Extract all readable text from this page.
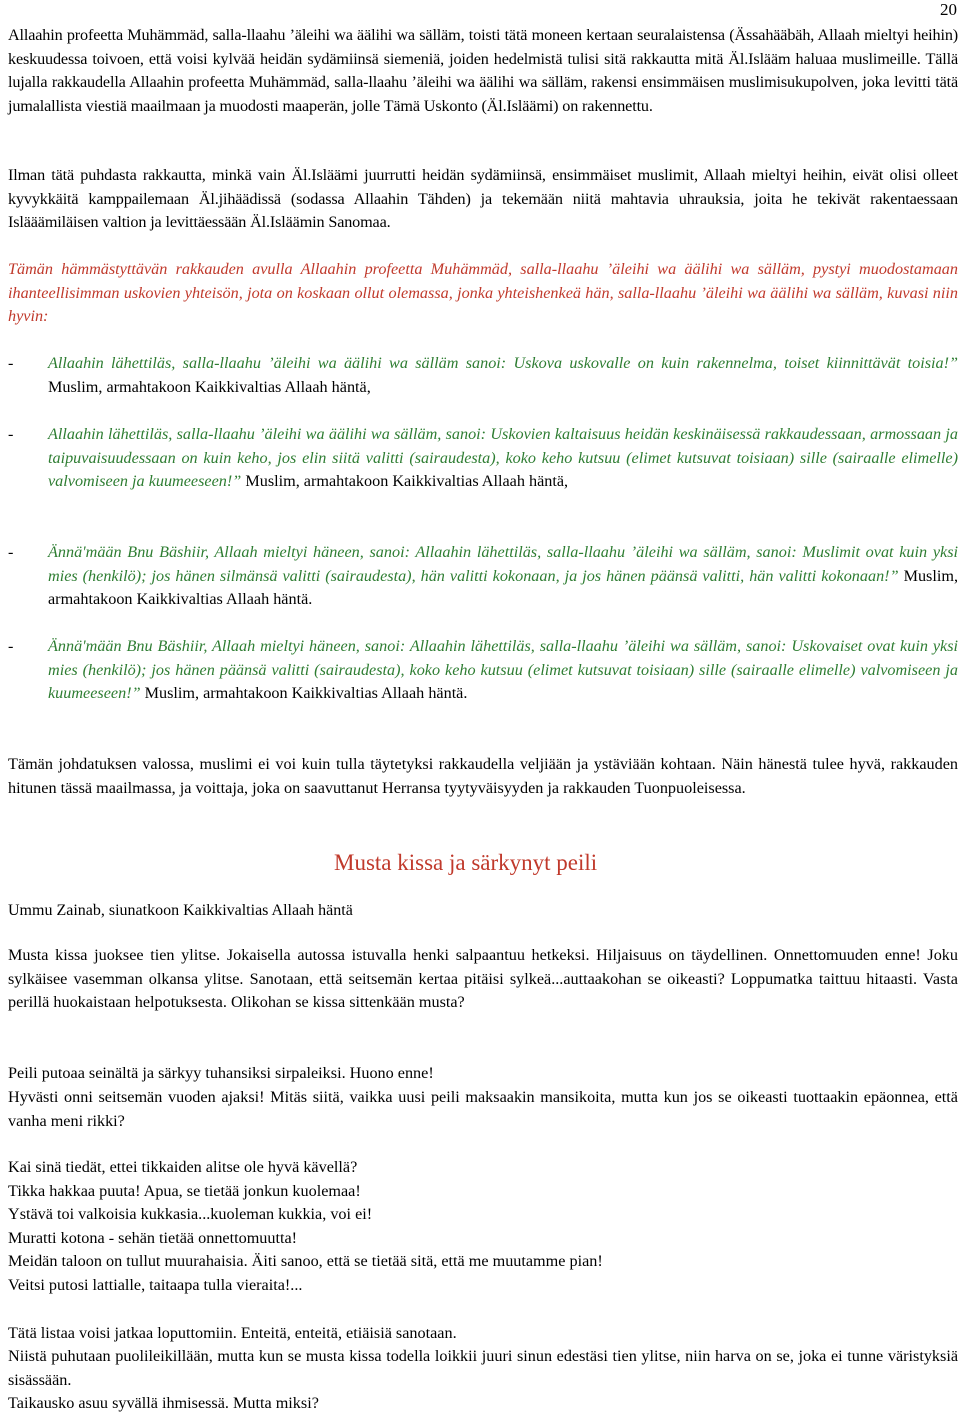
20

Allaahin profeetta Muhämmäd, salla-llaahu ’äleihi wa äälihi wa sälläm, toisti tätä moneen kertaan seuralaistensa (Ässahääbäh, Allaah mieltyi heihin) keskuudessa toivoen, että voisi kylvää heidän sydämiinsä siemeniä, joiden hedelmistä tulisi sitä rakkautta mitä Äl.Islääm haluaa muslimeille. Tällä lujalla rakkaudella Allaahin profeetta Muhämmäd, salla-llaahu ’äleihi wa äälihi wa sälläm, rakensi ensimmäisen muslimisukupolven, joka levitti tätä jumalallista viestiä maailmaan ja muodosti maaperän, jolle Tämä Uskonto (Äl.Isläämi) on rakennettu.

Ilman tätä puhdasta rakkautta, minkä vain Äl.Isläämi juurrutti heidän sydämiinsä, ensimmäiset muslimit, Allaah mieltyi heihin, eivät olisi olleet kyvykkäitä kamppailemaan Äl.jihäädissä (sodassa Allaahin Tähden) ja tekemään niitä mahtavia uhrauksia, joita he tekivät rakentaessaan Islääämiläisen valtion ja levittäessään Äl.Isläämin Sanomaa.

Tämän hämmästyttävän rakkauden avulla Allaahin profeetta Muhämmäd, salla-llaahu ’äleihi wa äälihi wa sälläm, pystyi muodostamaan ihanteellisimman uskovien yhteisön, jota on koskaan ollut olemassa, jonka yhteishenkeä hän, salla-llaahu ’äleihi wa äälihi wa sälläm, kuvasi niin hyvin:

- Allaahin lähettiläs, salla-llaahu ’äleihi wa äälihi wa sälläm sanoi: Uskova uskovalle on kuin rakennelma, toiset kiinnittävät toisia!” Muslim, armahtakoon Kaikkivaltias Allaah häntä,
- Allaahin lähettiläs, salla-llaahu ’äleihi wa äälihi wa sälläm, sanoi: Uskovien kaltaisuus heidän keskinäisessä rakkaudessaan, armossaan ja taipuvaisuudessaan on kuin keho, jos elin siitä valitti (sairaudesta), koko keho kutsuu (elimet kutsuvat toisiaan) sille (sairaalle elimelle) valvomiseen ja kuumeeseen!” Muslim, armahtakoon Kaikkivaltias Allaah häntä,
- Ännä'mään Bnu Bäshiir, Allaah mieltyi häneen, sanoi: Allaahin lähettiläs, salla-llaahu ’äleihi wa sälläm, sanoi: Muslimit ovat kuin yksi mies (henkilö); jos hänen silmänsä valitti (sairaudesta), hän valitti kokonaan, ja jos hänen päänsä valitti, hän valitti kokonaan!” Muslim, armahtakoon Kaikkivaltias Allaah häntä.
- Ännä'mään Bnu Bäshiir, Allaah mieltyi häneen, sanoi: Allaahin lähettiläs, salla-llaahu ’äleihi wa sälläm, sanoi: Uskovaiset ovat kuin yksi mies (henkilö); jos hänen päänsä valitti (sairaudesta), koko keho kutsuu (elimet kutsuvat toisiaan) sille (sairaalle elimelle) valvomiseen ja kuumeeseen!” Muslim, armahtakoon Kaikkivaltias Allaah häntä.

Tämän johdatuksen valossa, muslimi ei voi kuin tulla täytetyksi rakkaudella veljiään ja ystäviään kohtaan. Näin hänestä tulee hyvä, rakkauden hitunen tässä maailmassa, ja voittaja, joka on saavuttanut Herransa tyytyväisyyden ja rakkauden Tuonpuoleisessa.

Musta kissa ja särkynyt peili
Ummu Zainab, siunatkoon Kaikkivaltias Allaah häntä

Musta kissa juoksee tien ylitse. Jokaisella autossa istuvalla henki salpaantuu hetkeksi. Hiljaisuus on täydellinen. Onnettomuuden enne! Joku sylkäisee vasemman olkansa ylitse. Sanotaan, että seitsemän kertaa pitäisi sylkeä...auttaakohan se oikeasti? Loppumatka taittuu hitaasti. Vasta perillä huokaistaan helpotuksesta. Olikohan se kissa sittenkään musta?

Peili putoaa seinältä ja särkyy tuhansiksi sirpaleiksi. Huono enne!

Hyvästi onni seitsemän vuoden ajaksi! Mitäs siitä, vaikka uusi peili maksaakin mansikoita, mutta kun jos se oikeasti tuottaakin epäonnea, että vanha meni rikki?

Kai sinä tiedät, ettei tikkaiden alitse ole hyvä kävellä?
Tikka hakkaa puuta! Apua, se tietää jonkun kuolemaa!
Ystävä toi valkoisia kukkasia...kuoleman kukkia, voi ei!
Muratti kotona - sehän tietää onnettomuutta!
Meidän taloon on tullut muurahaisia. Äiti sanoo, että se tietää sitä, että me muutamme pian!
Veitsi putosi lattialle, taitaapa tulla vieraita!...

Tätä listaa voisi jatkaa loputtomiin. Enteitä, enteitä, etiäisiä sanotaan.

Niistä puhutaan puolileikillään, mutta kun se musta kissa todella loikkii juuri sinun edestäsi tien ylitse, niin harva on se, joka ei tunne väristyksiä sisässään.

Taikausko asuu syvällä ihmisessä. Mutta miksi?
